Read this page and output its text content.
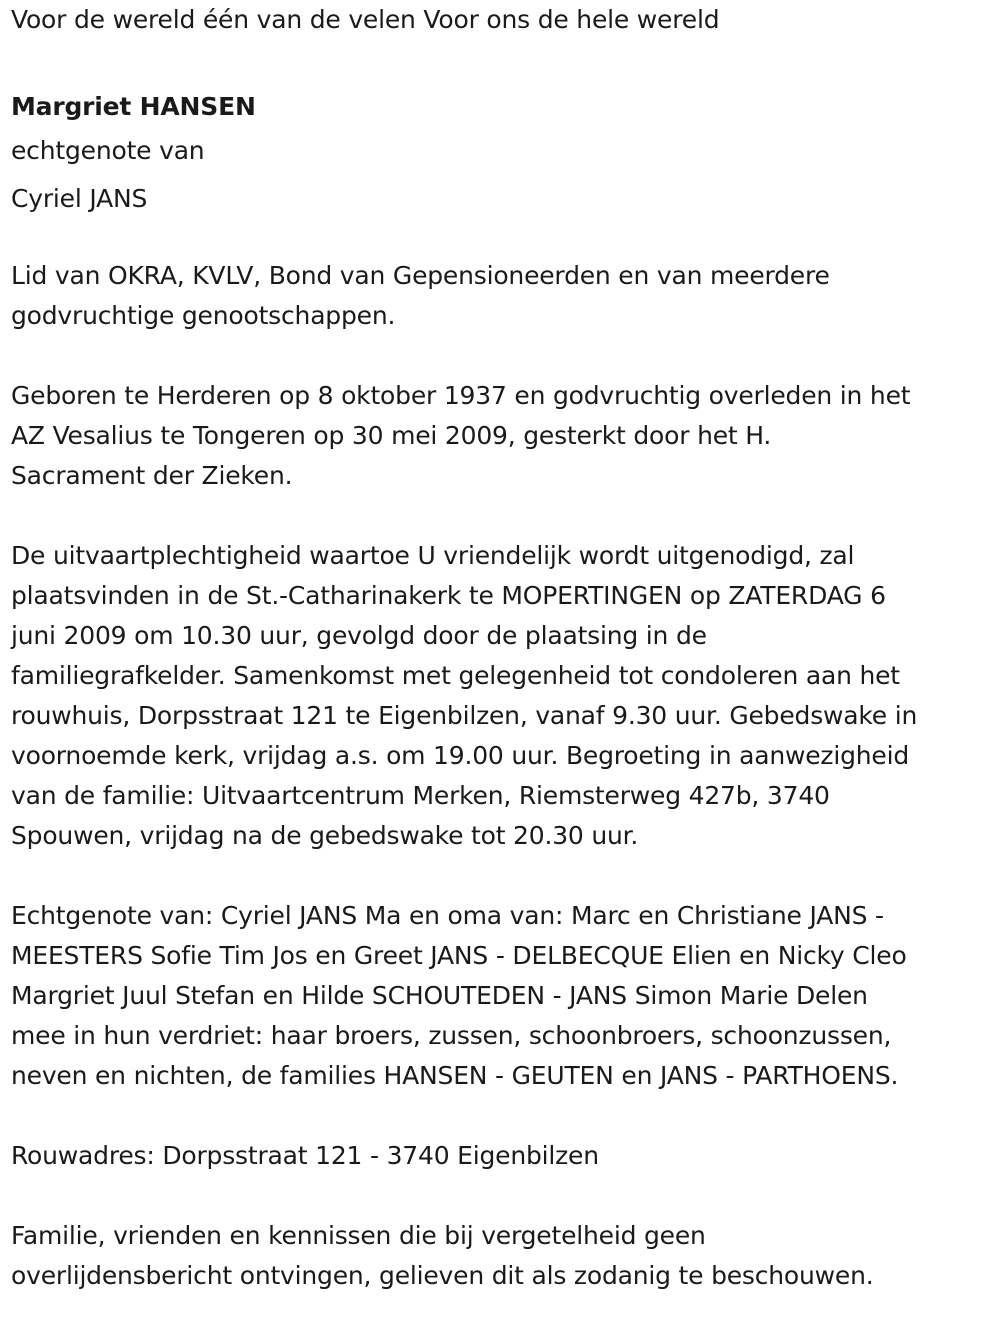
Voor de wereld één van de velen Voor ons de hele wereld

Margriet HANSEN

echtgenote van

Cyriel JANS

Lid van OKRA, KVLV, Bond van Gepensioneerden en van meerdere

godvruchtige genootschappen.

Geboren te Herderen op 8 oktober 1937 en godvruchtig overleden in het

AZ Vesalius te Tongeren op 30 mei 2009, gesterkt door het H.

Sacrament der Zieken.

De uitvaartplechtigheid waartoe U vriendelijk wordt uitgenodigd, zal

plaatsvinden in de St.-Catharinakerk te MOPERTINGEN op ZATERDAG 6

juni 2009 om 10.30 uur, gevolgd door de plaatsing in de

familiegrafkelder. Samenkomst met gelegenheid tot condoleren aan het

rouwhuis, Dorpsstraat 121 te Eigenbilzen, vanaf 9.30 uur. Gebedswake in

voornoemde kerk, vrijdag a.s. om 19.00 uur. Begroeting in aanwezigheid

van de familie: Uitvaartcentrum Merken, Riemsterweg 427b, 3740

Spouwen, vrijdag na de gebedswake tot 20.30 uur.

Echtgenote van: Cyriel JANS Ma en oma van: Marc en Christiane JANS -

MEESTERS Sofie Tim Jos en Greet JANS - DELBECQUE Elien en Nicky Cleo

Margriet Juul Stefan en Hilde SCHOUTEDEN - JANS Simon Marie Delen

mee in hun verdriet: haar broers, zussen, schoonbroers, schoonzussen,

neven en nichten, de families HANSEN - GEUTEN en JANS - PARTHOENS.

Rouwadres: Dorpsstraat 121 - 3740 Eigenbilzen

Familie, vrienden en kennissen die bij vergetelheid geen

overlijdensbericht ontvingen, gelieven dit als zodanig te beschouwen.
